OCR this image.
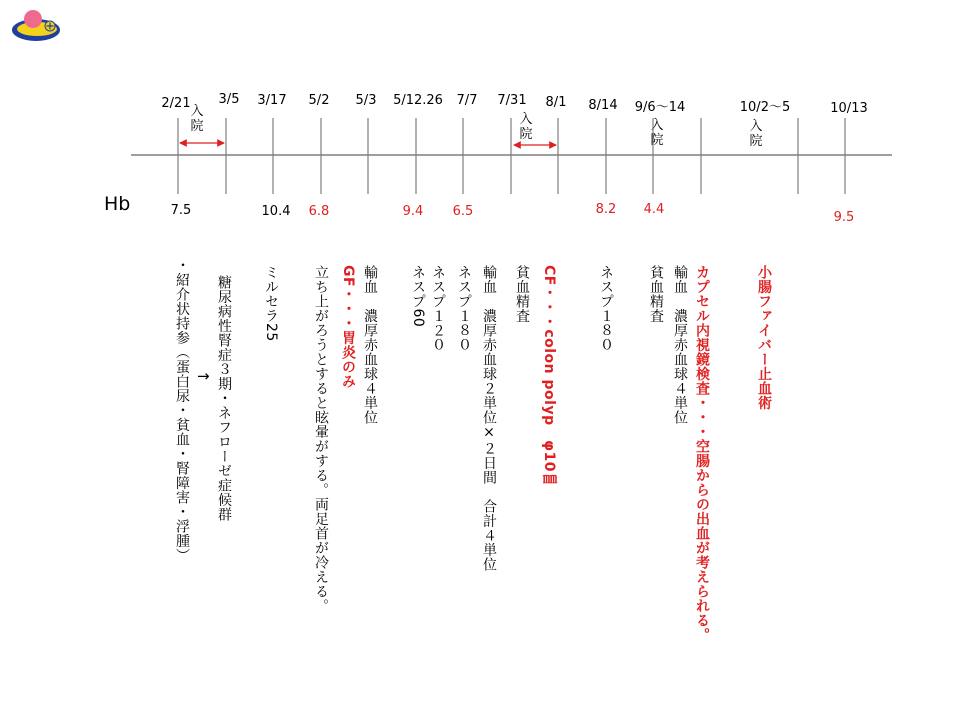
Hb
2/21 3/5 3/17 5/2 5/3 5/12.26 7/7 7/31 8/1 8/14 9/6～14	10/2～5	10/13
入院	入院
入院
入院
7.5	10.4 6.8	9.4 6.5	8.2 4.4
9.5
・紹介状持参（蛋白尿・貧血・腎障害・浮腫） → 糖尿病性腎症３期・ネフローゼ症候群 ミルセラ25 立ち上がろうとすると眩暈がする。両足首が冷える。 GF・・・胃炎のみ 輸血　濃厚赤血球４単位 ネスプ60 ネスプ１２０ ネスプ１８０ 輸血　濃厚赤血球２単位×２日間　合計４単位 貧血精査 CF・・・colon polyp　φ10㎜	ネスプ１８０ 貧血精査 輸血　濃厚赤血球４単位 カプセル内視鏡検査・・・空腸からの出血が考えられる。	小腸ファイバー止血術
